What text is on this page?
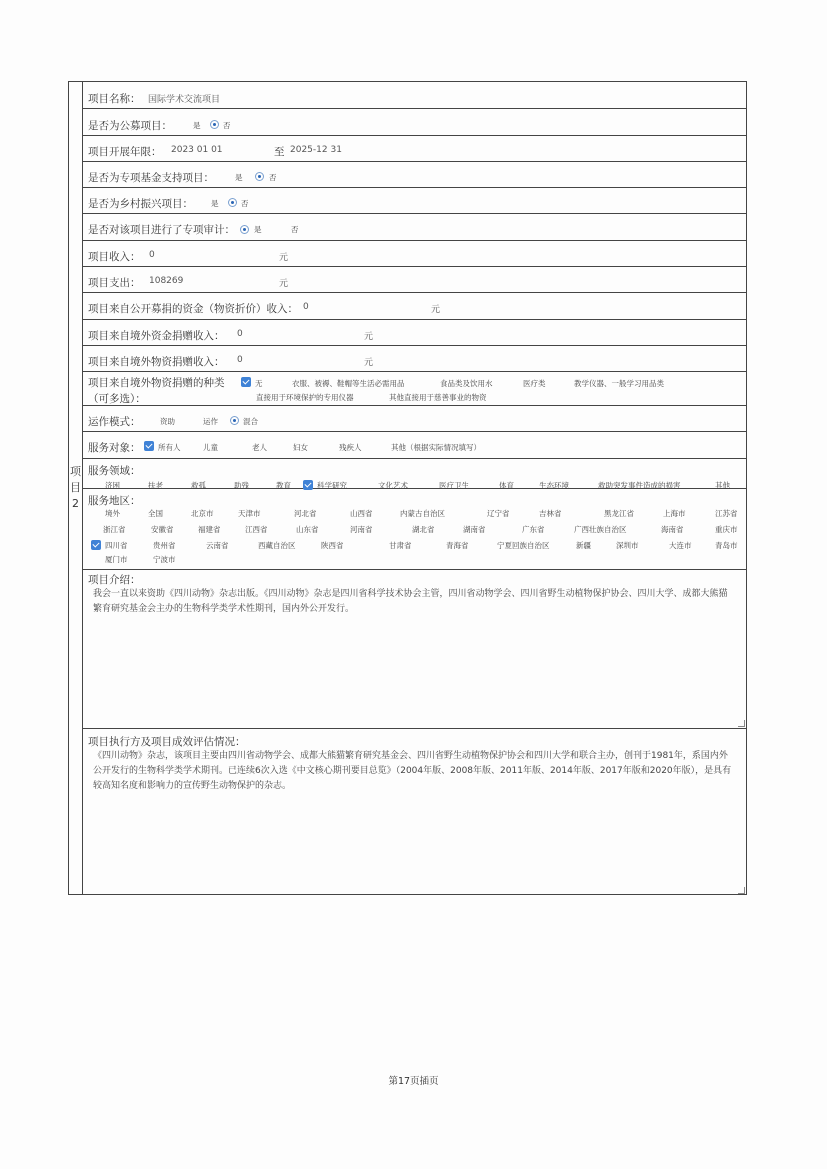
项目2
项目名称： 国际学术交流项目
是否为公募项目：	是	否
项目开展年限： 2023 01 01	至 2025-12 31
是否为专项基金支持项目：	是	否
是否为乡村振兴项目： 是	否
是否对该项目进行了专项审计：	是	否
项目收入： 0	元
项目支出： 108269	元
项目来自公开募捐的资金（物资折价）收入： 0	元
项目来自境外资金捐赠收入： 0	元
项目来自境外物资捐赠收入： 0	元
项目来自境外物资捐赠的种类
（可多选）：
无	衣服、被褥、鞋帽等生活必需用品	食品类及饮用水	医疗类	教学仪器、一般学习用品类
直接用于环境保护的专用仪器	其他直接用于慈善事业的物资
运作模式：	资助	运作	混合
服务对象： 所有人	儿童	老人	妇女	残疾人	其他（根据实际情况填写）
服务领域：
济困	扶老	救孤	助残	教育	科学研究	文化艺术	医疗卫生	体育	生态环境	救助突发事件造成的损害	其他
服务地区：
境外	全国	北京市	天津市	河北省	山西省	内蒙古自治区	辽宁省	吉林省	黑龙江省	上海市	江苏省
浙江省	安徽省	福建省	江西省	山东省	河南省	湖北省	湖南省	广东省	广西壮族自治区	海南省	重庆市
四川省	贵州省	云南省	西藏自治区	陕西省	甘肃省	青海省	宁夏回族自治区	新疆	深圳市	大连市	青岛市
厦门市	宁波市
项目介绍：
我会一直以来资助《四川动物》杂志出版。《四川动物》杂志是四川省科学技术协会主管，四川省动物学会、四川省野生动植物保护协会、四川大学、成都大熊猫繁育研究基金会主办的生物科学类学术性期刊，国内外公开发行。
项目执行方及项目成效评估情况：
《四川动物》杂志，该项目主要由四川省动物学会、成都大熊猫繁育研究基金会、四川省野生动植物保护协会和四川大学和联合主办，创刊于1981年，系国内外公开发行的生物科学类学术期刊。已连续6次入选《中文核心期刊要目总览》（2004年版、2008年版、2011年版、2014年版、2017年版和2020年版），是具有较高知名度和影响力的宣传野生动物保护的杂志。
第17页插页
